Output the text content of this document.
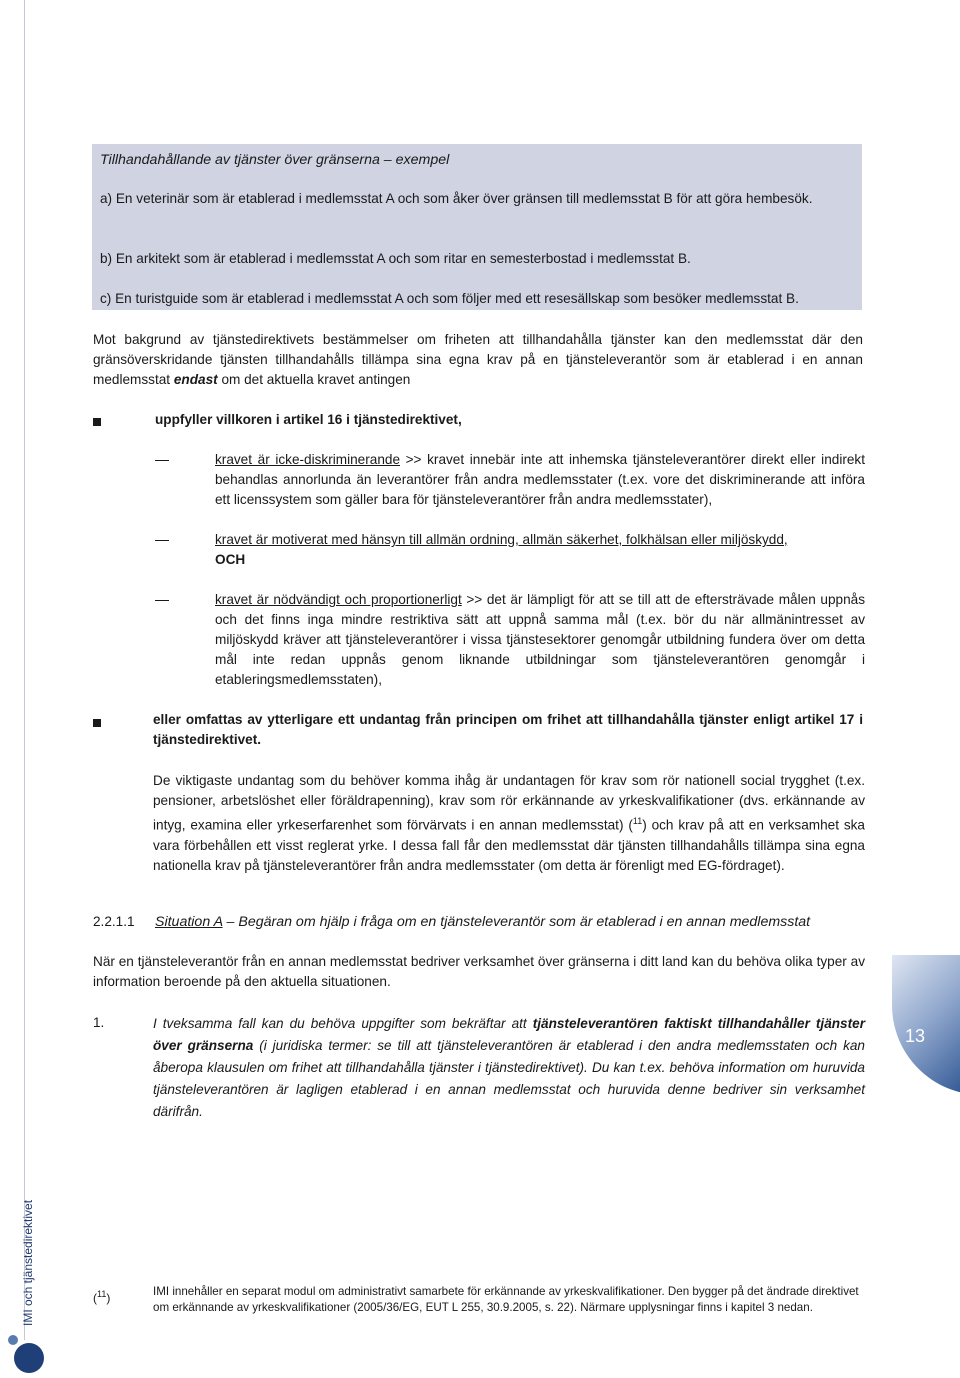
Tillhandahållande av tjänster över gränserna – exempel
a) En veterinär som är etablerad i medlemsstat A och som åker över gränsen till medlemsstat B för att göra hembesök.
b) En arkitekt som är etablerad i medlemsstat A och som ritar en semesterbostad i medlemsstat B.
c) En turistguide som är etablerad i medlemsstat A och som följer med ett resesällskap som besöker medlemsstat B.
Mot bakgrund av tjänstedirektivets bestämmelser om friheten att tillhandahålla tjänster kan den medlemsstat där den gränsöverskridande tjänsten tillhandahålls tillämpa sina egna krav på en tjänsteleverantör som är etablerad i en annan medlemsstat endast om det aktuella kravet antingen
uppfyller villkoren i artikel 16 i tjänstedirektivet,
kravet är icke-diskriminerande >> kravet innebär inte att inhemska tjänsteleverantörer direkt eller indirekt behandlas annorlunda än leverantörer från andra medlemsstater (t.ex. vore det diskriminerande att införa ett licenssystem som gäller bara för tjänsteleverantörer från andra medlemsstater),
kravet är motiverat med hänsyn till allmän ordning, allmän säkerhet, folkhälsan eller miljöskydd,
OCH
kravet är nödvändigt och proportionerligt >> det är lämpligt för att se till att de eftersträvade målen uppnås och det finns inga mindre restriktiva sätt att uppnå samma mål (t.ex. bör du när allmänintresset av miljöskydd kräver att tjänsteleverantörer i vissa tjänstesektorer genomgår utbildning fundera över om detta mål inte redan uppnås genom liknande utbildningar som tjänsteleverantören genomgår i etableringsmedlemsstaten),
eller omfattas av ytterligare ett undantag från principen om frihet att tillhandahålla tjänster enligt artikel 17 i tjänstedirektivet.
De viktigaste undantag som du behöver komma ihåg är undantagen för krav som rör nationell social trygghet (t.ex. pensioner, arbetslöshet eller föräldrapenning), krav som rör erkännande av yrkeskvalifikationer (dvs. erkännande av intyg, examina eller yrkeserfarenhet som förvärvats i en annan medlemsstat) ($^{11}$) och krav på att en verksamhet ska vara förbehållen ett visst reglerat yrke. I dessa fall får den medlemsstat där tjänsten tillhandahålls tillämpa sina egna nationella krav på tjänsteleverantörer från andra medlemsstater (om detta är förenligt med EG-fördraget).
2.2.1.1 Situation A – Begäran om hjälp i fråga om en tjänsteleverantör som är etablerad i en annan medlemsstat
När en tjänsteleverantör från en annan medlemsstat bedriver verksamhet över gränserna i ditt land kan du behöva olika typer av information beroende på den aktuella situationen.
1.	I tveksamma fall kan du behöva uppgifter som bekräftar att tjänsteleverantören faktiskt tillhandahåller tjänster över gränserna (i juridiska termer: se till att tjänsteleverantören är etablerad i den andra medlemsstaten och kan åberopa klausulen om frihet att tillhandahålla tjänster i tjänstedirektivet). Du kan t.ex. behöva information om huruvida tjänsteleverantören är lagligen etablerad i en annan medlemsstat och huruvida denne bedriver sin verksamhet därifrån.
13
IMI och tjänstedirektivet	($^{11}$)	IMI innehåller en separat modul om administrativt samarbete för erkännande av yrkeskvalifikationer. Den bygger på det ändrade direktivet om erkännande av yrkeskvalifikationer (2005/36/EG, EUT L 255, 30.9.2005, s. 22). Närmare upplysningar finns i kapitel 3 nedan.
